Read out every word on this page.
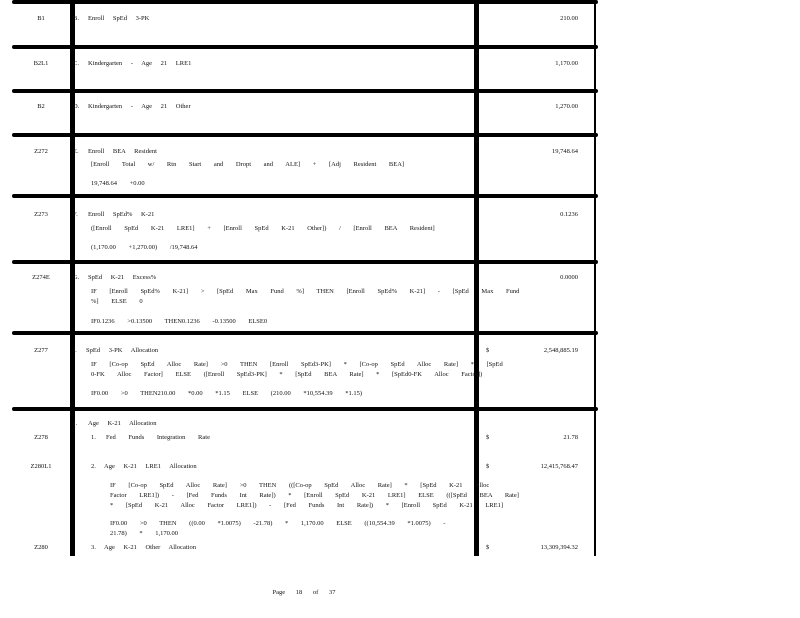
B1	B. Enroll SpEd 3-PK	210.00
B2L1	C. Kindergarten - Age 21 LRE1	1,170.00
B2	D. Kindergarten - Age 21 Other	1,270.00
Z272	E. Enroll BEA Resident	19,748.64
[Enroll Total w/ Rtn Start and Dropt and ALE] + [Adj Resident BEA]
19,748.64 +0.00
Z273	F. Enroll SpEd% K-21	0.1236
([Enroll SpEd K-21 LRE1] + [Enroll SpEd K-21 Other]) / [Enroll BEA Resident]
(1,170.00 +1,270.00) /19,748.64
Z274E	G. SpEd K-21 Excess%	0.0000
IF [Enroll SpEd% K-21] > [SpEd Max Fund %] THEN [Enroll SpEd% K-21] - [SpEd Max Fund
%] ELSE 0
IF0.1236 >0.13500 THEN0.1236 -0.13500 ELSE0
Z277	I. SpEd 3-PK Allocation	$	2,548,885.19
IF [Co-op SpEd Alloc Rate] >0 THEN [Enroll SpEd3-PK] * [Co-op SpEd Alloc Rate] * [SpEd
0-FK Alloc Factor] ELSE ([Enroll SpEd3-PK] * [SpEd BEA Rate] * [SpEd0-FK Alloc Factor])
IF0.00 >0 THEN210.00 *0.00 *1.15 ELSE (210.00 *10,554.39 *1.15)
J. Age K-21 Allocation
Z278	1. Fed Funds Integration Rate	$	21.78
Z280L1	2. Age K-21 LRE1 Allocation	$	12,415,768.47
IF [Co-op SpEd Alloc Rate] >0 THEN (([Co-op SpEd Alloc Rate] * [SpEd K-21 Alloc
Factor LRE1]) - [Fed Funds Int Rate]) * [Enroll SpEd K-21 LRE1] ELSE (([SpEd BEA Rate]
* [SpEd K-21 Alloc Factor LRE1]) - [Fed Funds Int Rate]) * [Enroll SpEd K-21 LRE1]
IF0.00 >0 THEN ((0.00 *1.0075) -21.78) * 1,170.00 ELSE ((10,554.39 *1.0075) -
21.78) * 1,170.00
Z280	3. Age K-21 Other Allocation	$	13,309,394.32
Page 18 of 37
